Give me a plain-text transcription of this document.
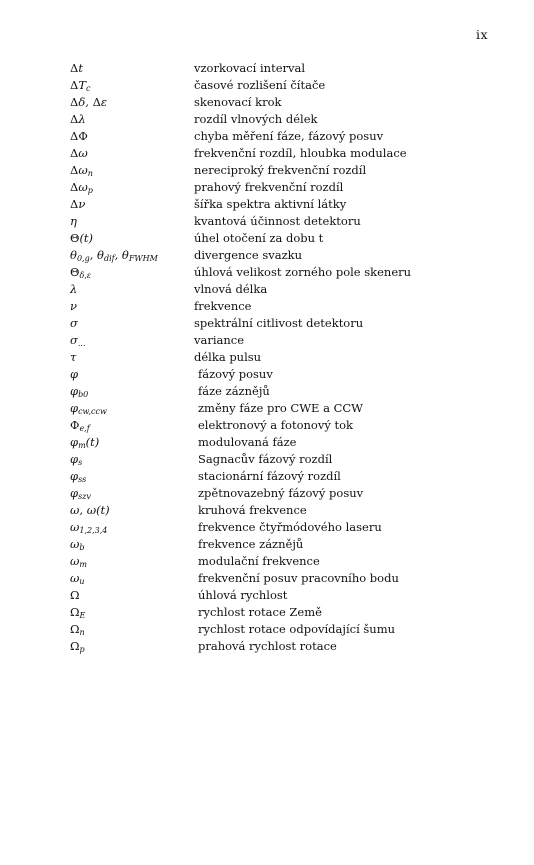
ix
Δt	vzorkovací interval
$\Delta T_c$	časové rozlišení čítače
Δδ, Δε	skenovací krok
Δλ	rozdíl vlnových délek
ΔΦ	chyba měření fáze, fázový posuv
Δω	frekvenční rozdíl, hloubka modulace
$\Delta\omega_n$	nereciproký frekvenční rozdíl
$\Delta\omega_p$	prahový frekvenční rozdíl
Δν	šířka spektra aktivní látky
η	kvantová účinnost detektoru
Θ(t)	úhel otočení za dobu t
$\theta_{0,g}$, $\theta_{dif}$, $\theta_{FWHM}$	divergence svazku
$\Theta_{\delta,\varepsilon}$	úhlová velikost zorného pole skeneru
λ	vlnová délka
ν	frekvence
σ	spektrální citlivost detektoru
$\sigma_{...}$	variance
τ	délka pulsu
φ	fázový posuv
$\varphi_{b0}$	fáze záznějů
$\varphi_{cw,ccw}$	změny fáze pro CWE a CCW
$\Phi_{e,f}$	elektronový a fotonový tok
$\varphi_m(t)$	modulovaná fáze
$\varphi_s$	Sagnacův fázový rozdíl
$\varphi_{ss}$	stacionární fázový rozdíl
$\varphi_{szv}$	zpětnovazebný fázový posuv
ω, ω(t)	kruhová frekvence
$\omega_{1,2,3,4}$	frekvence čtyřmódového laseru
$\omega_b$	frekvence záznějů
$\omega_m$	modulační frekvence
$\omega_u$	frekvenční posuv pracovního bodu
Ω	úhlová rychlost
$\Omega_E$	rychlost rotace Země
$\Omega_n$	rychlost rotace odpovídající šumu
$\Omega_p$	prahová rychlost rotace
